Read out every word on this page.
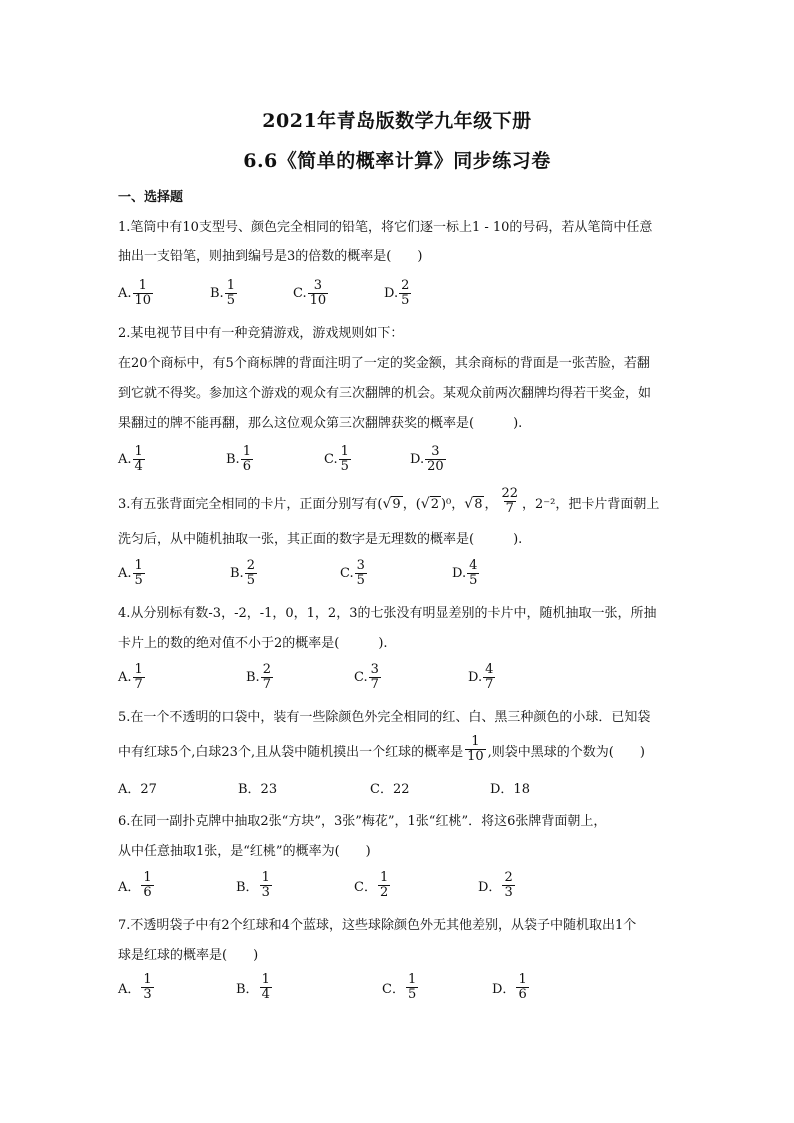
2021年青岛版数学九年级下册
6.6《简单的概率计算》同步练习卷
一、选择题
1.笔筒中有10支型号、颜色完全相同的铅笔，将它们逐一标上1 - 10的号码，若从笔筒中任意
抽出一支铅笔，则抽到编号是3的倍数的概率是(　　)
A. $\frac{1}{10}$	B. $\frac{1}{5}$	C. $\frac{3}{10}$	D. $\frac{2}{5}$
2.某电视节目中有一种竞猜游戏，游戏规则如下：
在20个商标中，有5个商标牌的背面注明了一定的奖金额，其余商标的背面是一张苦脸，若翻
到它就不得奖。参加这个游戏的观众有三次翻牌的机会。某观众前两次翻牌均得若干奖金，如
果翻过的牌不能再翻，那么这位观众第三次翻牌获奖的概率是(　　　).
A. $\frac{1}{4}$	B. $\frac{1}{6}$	C. $\frac{1}{5}$	D. $\frac{3}{20}$
3.有五张背面完全相同的卡片，正面分别写有(√9 ，(√2 )⁰，√8 ， $\frac{22}{7}$ ，2⁻²，把卡片背面朝上
洗匀后，从中随机抽取一张，其正面的数字是无理数的概率是(　　　).
A. $\frac{1}{5}$	B. $\frac{2}{5}$	C. $\frac{3}{5}$	D. $\frac{4}{5}$
4.从分别标有数-3，-2，-1，0，1，2，3的七张没有明显差别的卡片中，随机抽取一张，所抽
卡片上的数的绝对值不小于2的概率是(　　　).
A. $\frac{1}{7}$	B. $\frac{2}{7}$	C. $\frac{3}{7}$	D. $\frac{4}{7}$
5.在一个不透明的口袋中，装有一些除颜色外完全相同的红、白、黑三种颜色的小球．已知袋
中有红球5个,白球23个,且从袋中随机摸出一个红球的概率是 $\frac{1}{10}$ ,则袋中黑球的个数为(　　)
A．27	B．23	C．22	D．18
6.在同一副扑克牌中抽取2张“方块”，3张”梅花”，1张“红桃”．将这6张牌背面朝上，
从中任意抽取1张，是“红桃”的概率为(　　)
A． $\frac{1}{6}$	B． $\frac{1}{3}$	C． $\frac{1}{2}$	D． $\frac{2}{3}$
7.不透明袋子中有2个红球和4个蓝球，这些球除颜色外无其他差别，从袋子中随机取出1个
球是红球的概率是(　　)
A． $\frac{1}{3}$	B． $\frac{1}{4}$	C． $\frac{1}{5}$	D． $\frac{1}{6}$
